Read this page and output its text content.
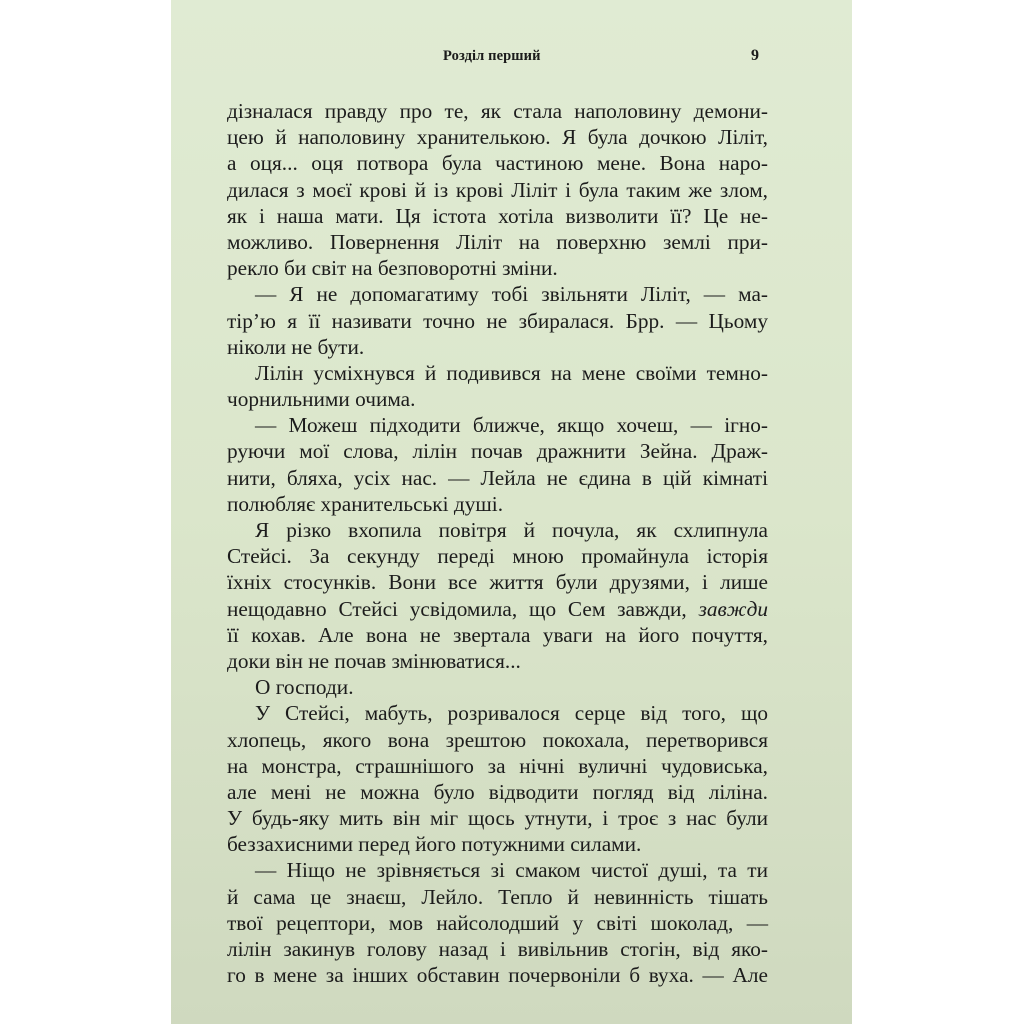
Розділ перший	9
дізналася правду про те, як стала наполовину демони-
цею й наполовину хранителькою. Я була дочкою Ліліт,
а оця... оця потвора була частиною мене. Вона наро-
дилася з моєї крові й із крові Ліліт і була таким же злом,
як і наша мати. Ця істота хотіла визволити її? Це не-
можливо. Повернення Ліліт на поверхню землі при-
рекло би світ на безповоротні зміни.
— Я не допомагатиму тобі звільняти Ліліт, — ма-
тір’ю я її називати точно не збиралася. Брр. — Цьому
ніколи не бути.
Лілін усміхнувся й подивився на мене своїми темно-
чорнильними очима.
— Можеш підходити ближче, якщо хочеш, — ігно-
руючи мої слова, лілін почав дражнити Зейна. Драж-
нити, бляха, усіх нас. — Лейла не єдина в цій кімнаті
полюбляє хранительські душі.
Я різко вхопила повітря й почула, як схлипнула
Стейсі. За секунду переді мною промайнула історія
їхніх стосунків. Вони все життя були друзями, і лише
нещодавно Стейсі усвідомила, що Сем завжди, завжди
її кохав. Але вона не звертала уваги на його почуття,
доки він не почав змінюватися...
О господи.
У Стейсі, мабуть, розривалося серце від того, що
хлопець, якого вона зрештою покохала, перетворився
на монстра, страшнішого за нічні вуличні чудовиська,
але мені не можна було відводити погляд від ліліна.
У будь-яку мить він міг щось утнути, і троє з нас були
беззахисними перед його потужними силами.
— Ніщо не зрівняється зі смаком чистої душі, та ти
й сама це знаєш, Лейло. Тепло й невинність тішать
твої рецептори, мов найсолодший у світі шоколад, —
лілін закинув голову назад і вивільнив стогін, від яко-
го в мене за інших обставин почервоніли б вуха. — Але
